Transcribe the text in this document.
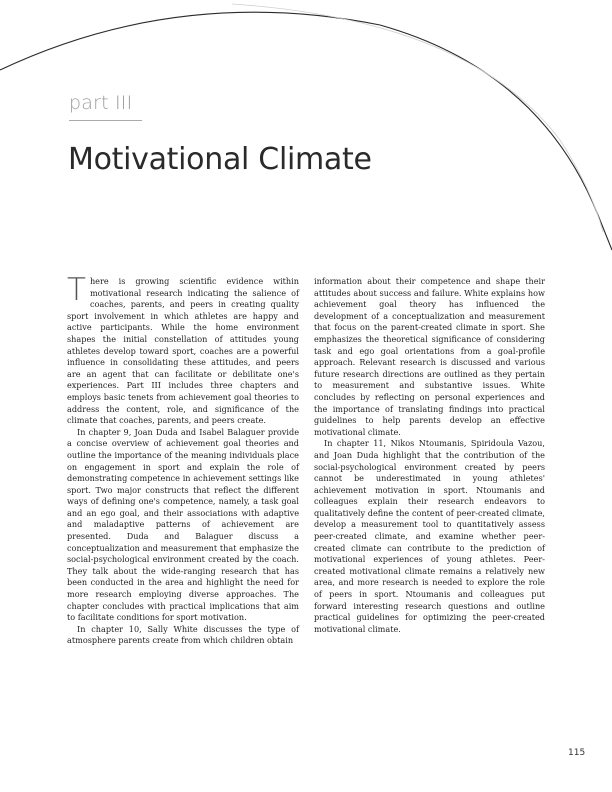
part III
Motivational Climate

There is growing scientific evidence within motivational research indicating the salience of coaches, parents, and peers in creating quality sport involvement in which athletes are happy and active participants. While the home environment shapes the initial constellation of attitudes young athletes develop toward sport, coaches are a powerful influence in consolidating these attitudes, and peers are an agent that can facilitate or debilitate one's experiences. Part III includes three chapters and employs basic tenets from achievement goal theories to address the content, role, and significance of the climate that coaches, parents, and peers create.

In chapter 9, Joan Duda and Isabel Balaguer provide a concise overview of achievement goal theories and outline the importance of the meaning individuals place on engagement in sport and explain the role of demonstrating competence in achievement settings like sport. Two major constructs that reflect the different ways of defining one's competence, namely, a task goal and an ego goal, and their associations with adaptive and maladaptive patterns of achievement are presented. Duda and Balaguer discuss a conceptualization and measurement that emphasize the social-psychological environment created by the coach. They talk about the wide-ranging research that has been conducted in the area and highlight the need for more research employing diverse approaches. The chapter concludes with practical implications that aim to facilitate conditions for sport motivation.

In chapter 10, Sally White discusses the type of atmosphere parents create from which children obtain

information about their competence and shape their attitudes about success and failure. White explains how achievement goal theory has influenced the development of a conceptualization and measurement that focus on the parent-created climate in sport. She emphasizes the theoretical significance of considering task and ego goal orientations from a goal-profile approach. Relevant research is discussed and various future research directions are outlined as they pertain to measurement and substantive issues. White concludes by reflecting on personal experiences and the importance of translating findings into practical guidelines to help parents develop an effective motivational climate.

In chapter 11, Nikos Ntoumanis, Spiridoula Vazou, and Joan Duda highlight that the contribution of the social-psychological environment created by peers cannot be underestimated in young athletes' achievement motivation in sport. Ntoumanis and colleagues explain their research endeavors to qualitatively define the content of peer-created climate, develop a measurement tool to quantitatively assess peer-created climate, and examine whether peer-created climate can contribute to the prediction of motivational experiences of young athletes. Peer-created motivational climate remains a relatively new area, and more research is needed to explore the role of peers in sport. Ntoumanis and colleagues put forward interesting research questions and outline practical guidelines for optimizing the peer-created motivational climate.

115
